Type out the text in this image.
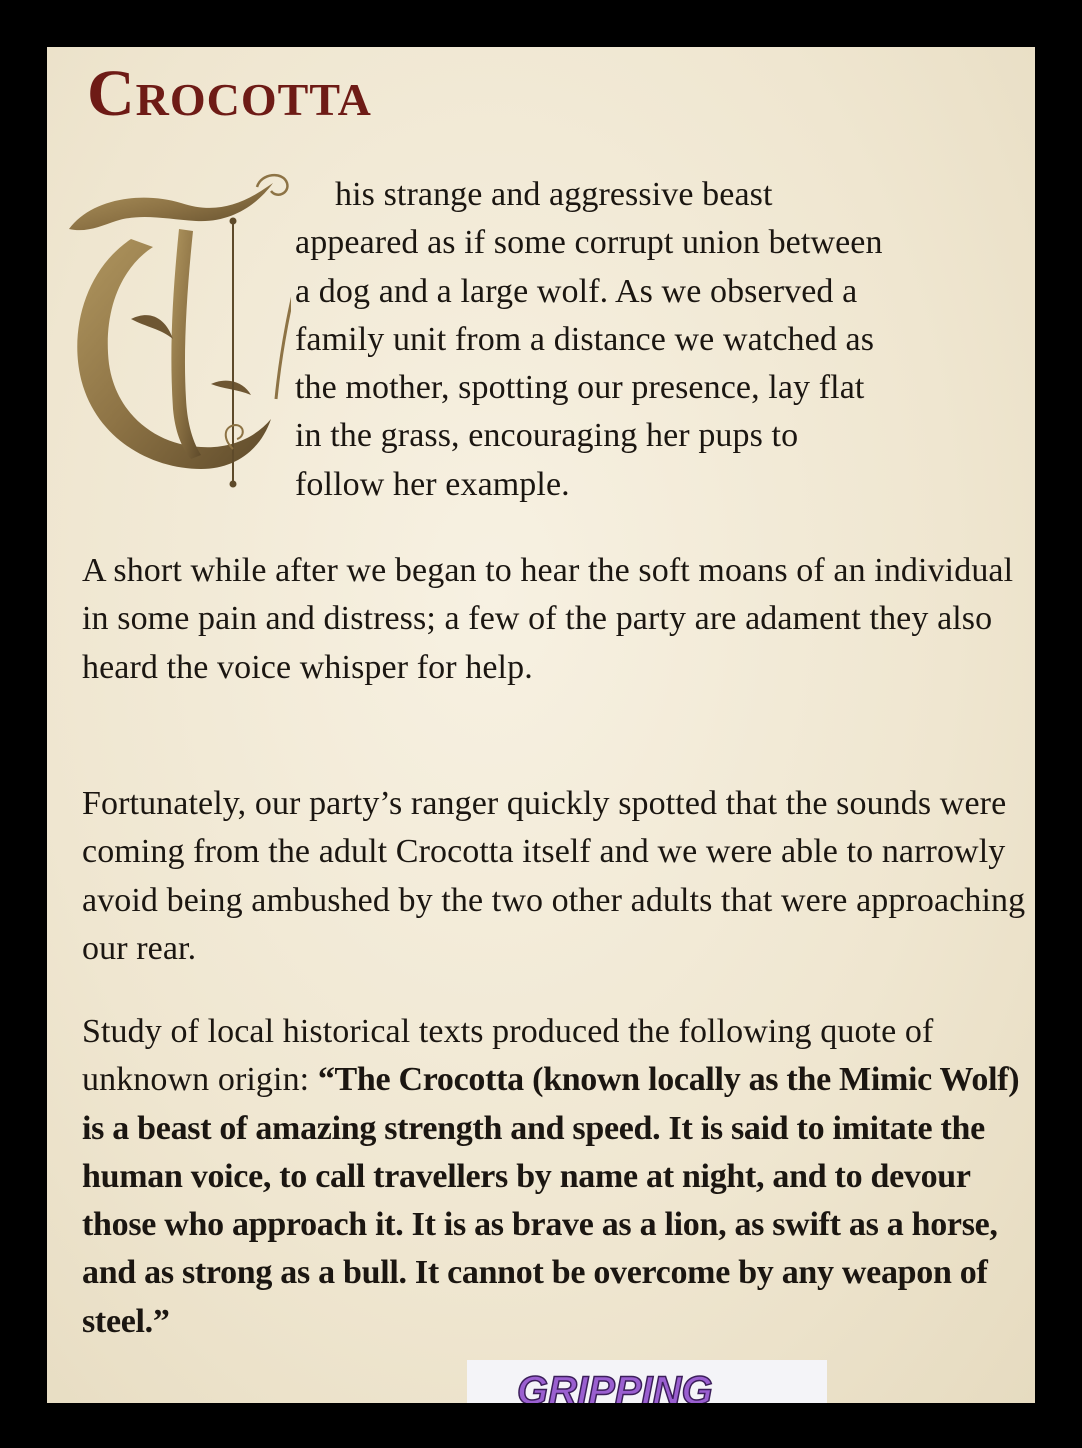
Crocotta

his strange and aggressive beast
appeared as if some corrupt union between
a dog and a large wolf. As we observed a
family unit from a distance we watched as
the mother, spotting our presence, lay flat
in the grass, encouraging her pups to
follow her example.

A short while after we began to hear the soft moans of an individual in some pain and distress; a few of the party are adament they also heard the voice whisper for help.

Fortunately, our party’s ranger quickly spotted that the sounds were coming from the adult Crocotta itself and we were able to narrowly avoid being ambushed by the two other adults that were approaching our rear.

Study of local historical texts produced the following quote of unknown origin: “The Crocotta (known locally as the Mimic Wolf) is a beast of amazing strength and speed. It is said to imitate the human voice, to call travellers by name at night, and to devour those who approach it. It is as brave as a lion, as swift as a horse, and as strong as a bull. It cannot be overcome by any weapon of steel.”

GRIPPING
